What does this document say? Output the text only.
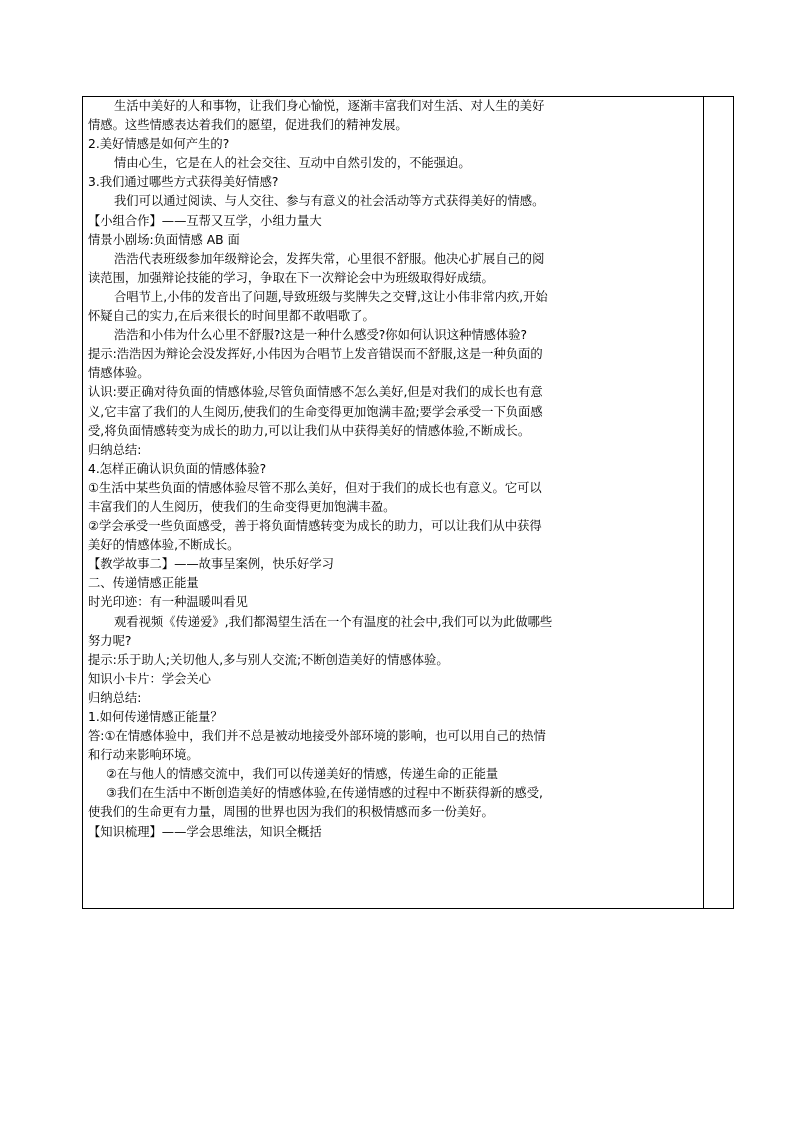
生活中美好的人和事物，让我们身心愉悦，逐渐丰富我们对生活、对人生的美好
情感。这些情感表达着我们的愿望，促进我们的精神发展。
2.美好情感是如何产生的?
情由心生，它是在人的社会交往、互动中自然引发的，不能强迫。
3.我们通过哪些方式获得美好情感?
我们可以通过阅读、与人交往、参与有意义的社会活动等方式获得美好的情感。
【小组合作】——互帮又互学，小组力量大
情景小剧场:负面情感 AB 面
浩浩代表班级参加年级辩论会，发挥失常，心里很不舒服。他决心扩展自己的阅
读范围，加强辩论技能的学习，争取在下一次辩论会中为班级取得好成绩。
合唱节上,小伟的发音出了问题,导致班级与奖牌失之交臂,这让小伟非常内疚,开始
怀疑自己的实力,在后来很长的时间里都不敢唱歌了。
浩浩和小伟为什么心里不舒服?这是一种什么感受?你如何认识这种情感体验?
提示:浩浩因为辩论会没发挥好,小伟因为合唱节上发音错误而不舒服,这是一种负面的
情感体验。
认识:要正确对待负面的情感体验,尽管负面情感不怎么美好,但是对我们的成长也有意
义,它丰富了我们的人生阅历,使我们的生命变得更加饱满丰盈;要学会承受一下负面感
受,将负面情感转变为成长的助力,可以让我们从中获得美好的情感体验,不断成长。
归纳总结:
4.怎样正确认识负面的情感体验?
①生活中某些负面的情感体验尽管不那么美好，但对于我们的成长也有意义。它可以
丰富我们的人生阅历，使我们的生命变得更加饱满丰盈。
②学会承受一些负面感受，善于将负面情感转变为成长的助力，可以让我们从中获得
美好的情感体验,不断成长。
【教学故事二】——故事呈案例，快乐好学习
二、传递情感正能量
时光印迹：有一种温暖叫看见
观看视频《传递爱》,我们都渴望生活在一个有温度的社会中,我们可以为此做哪些
努力呢?
提示:乐于助人;关切他人,多与别人交流;不断创造美好的情感体验。
知识小卡片：学会关心
归纳总结:
1.如何传递情感正能量？
答:①在情感体验中，我们并不总是被动地接受外部环境的影响，也可以用自己的热情
和行动来影响环境。
②在与他人的情感交流中，我们可以传递美好的情感，传递生命的正能量
③我们在生活中不断创造美好的情感体验,在传递情感的过程中不断获得新的感受,
使我们的生命更有力量，周围的世界也因为我们的积极情感而多一份美好。
【知识梳理】——学会思维法，知识全概括
